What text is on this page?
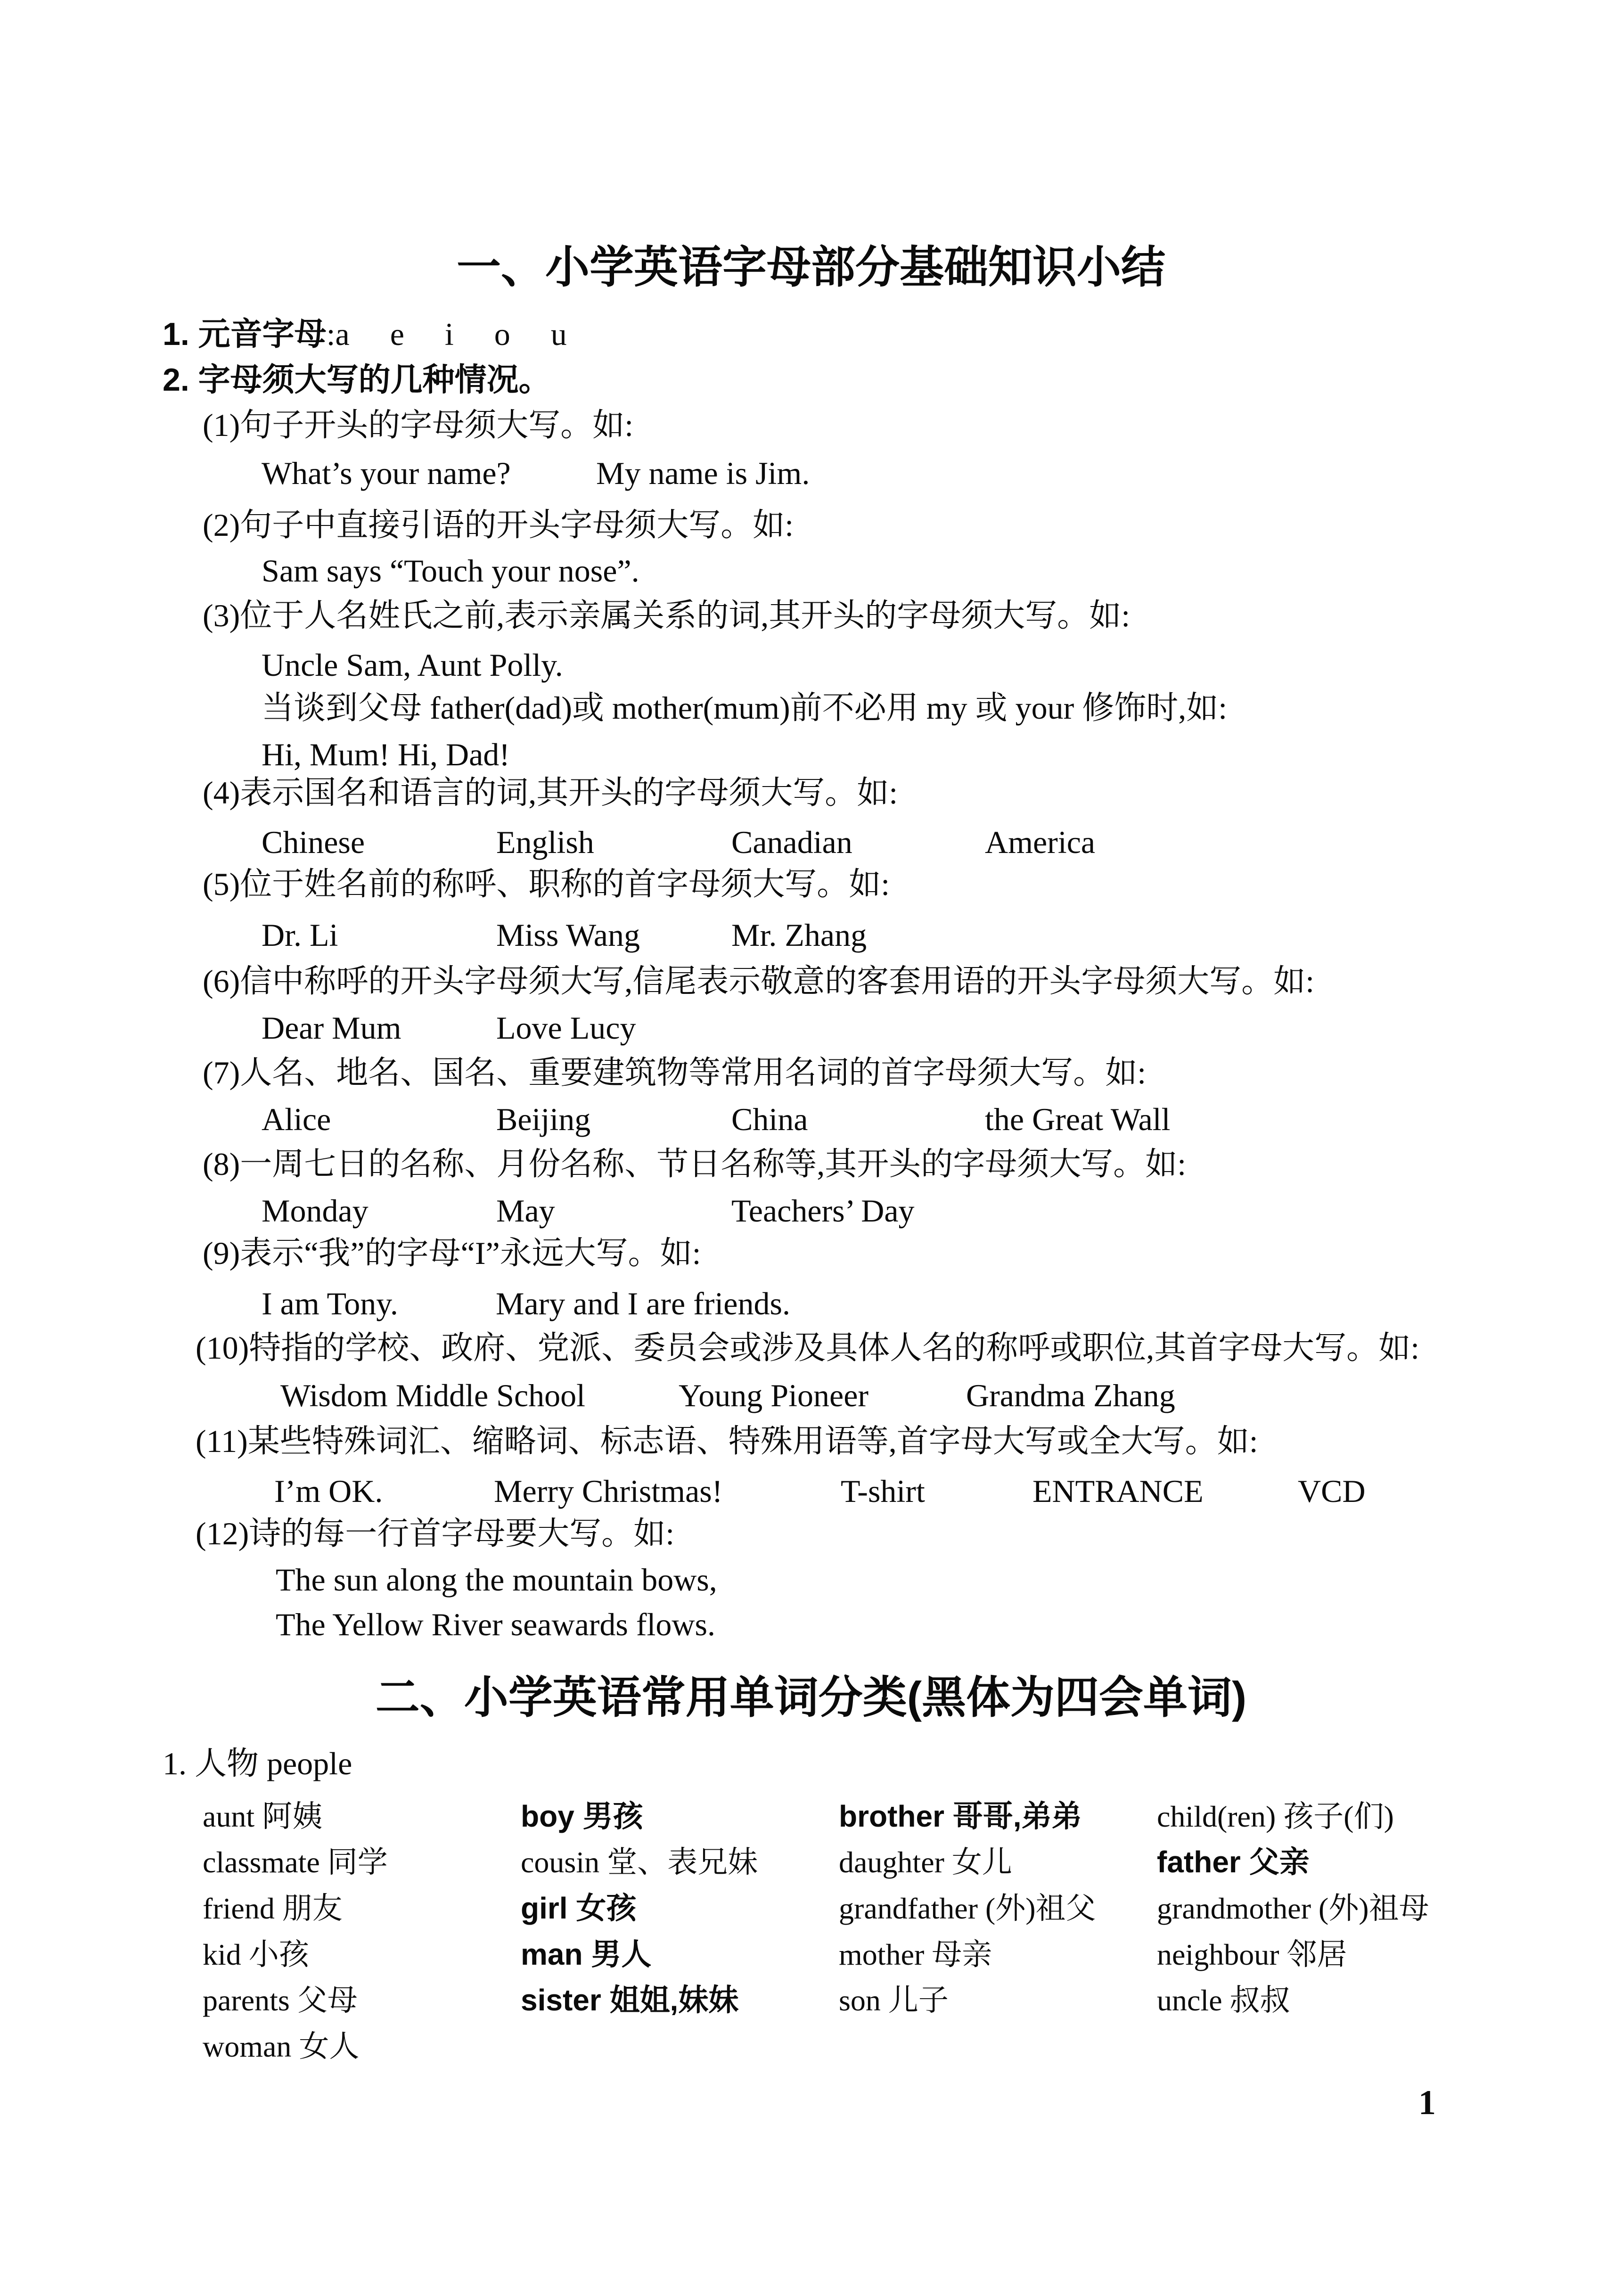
一、小学英语字母部分基础知识小结
1. 元音字母:a  e  i  o  u
2. 字母须大写的几种情况。
(1)句子开头的字母须大写。如:
What’s your name?	My name is Jim.
(2)句子中直接引语的开头字母须大写。如:
Sam says “Touch your nose”.
(3)位于人名姓氏之前,表示亲属关系的词,其开头的字母须大写。如:
Uncle Sam, Aunt Polly.
当谈到父母 father(dad)或 mother(mum)前不必用 my 或 your 修饰时,如:
Hi, Mum! Hi, Dad!
(4)表示国名和语言的词,其开头的字母须大写。如:
Chinese	English	Canadian	America
(5)位于姓名前的称呼、职称的首字母须大写。如:
Dr. Li	Miss Wang	Mr. Zhang
(6)信中称呼的开头字母须大写,信尾表示敬意的客套用语的开头字母须大写。如:
Dear Mum	Love Lucy
(7)人名、地名、国名、重要建筑物等常用名词的首字母须大写。如:
Alice	Beijing	China	the Great Wall
(8)一周七日的名称、月份名称、节日名称等,其开头的字母须大写。如:
Monday	May	Teachers’ Day
(9)表示“我”的字母“I”永远大写。如:
I am Tony.	Mary and I are friends.
(10)特指的学校、政府、党派、委员会或涉及具体人名的称呼或职位,其首字母大写。如:
Wisdom Middle School	Young Pioneer	Grandma Zhang
(11)某些特殊词汇、缩略词、标志语、特殊用语等,首字母大写或全大写。如:
I’m OK.	Merry Christmas!	T-shirt	ENTRANCE	VCD
(12)诗的每一行首字母要大写。如:
The sun along the mountain bows,
The Yellow River seawards flows.
二、小学英语常用单词分类(黑体为四会单词)
1. 人物 people
aunt 阿姨	boy 男孩	brother 哥哥,弟弟 child(ren) 孩子(们)
classmate 同学	cousin 堂、表兄妹	daughter 女儿	father 父亲
friend 朋友	girl 女孩	grandfather (外)祖父 grandmother (外)祖母
kid 小孩	man 男人	mother 母亲	neighbour 邻居
parents 父母	sister 姐姐,妹妹	son 儿子	uncle 叔叔
woman 女人
1
